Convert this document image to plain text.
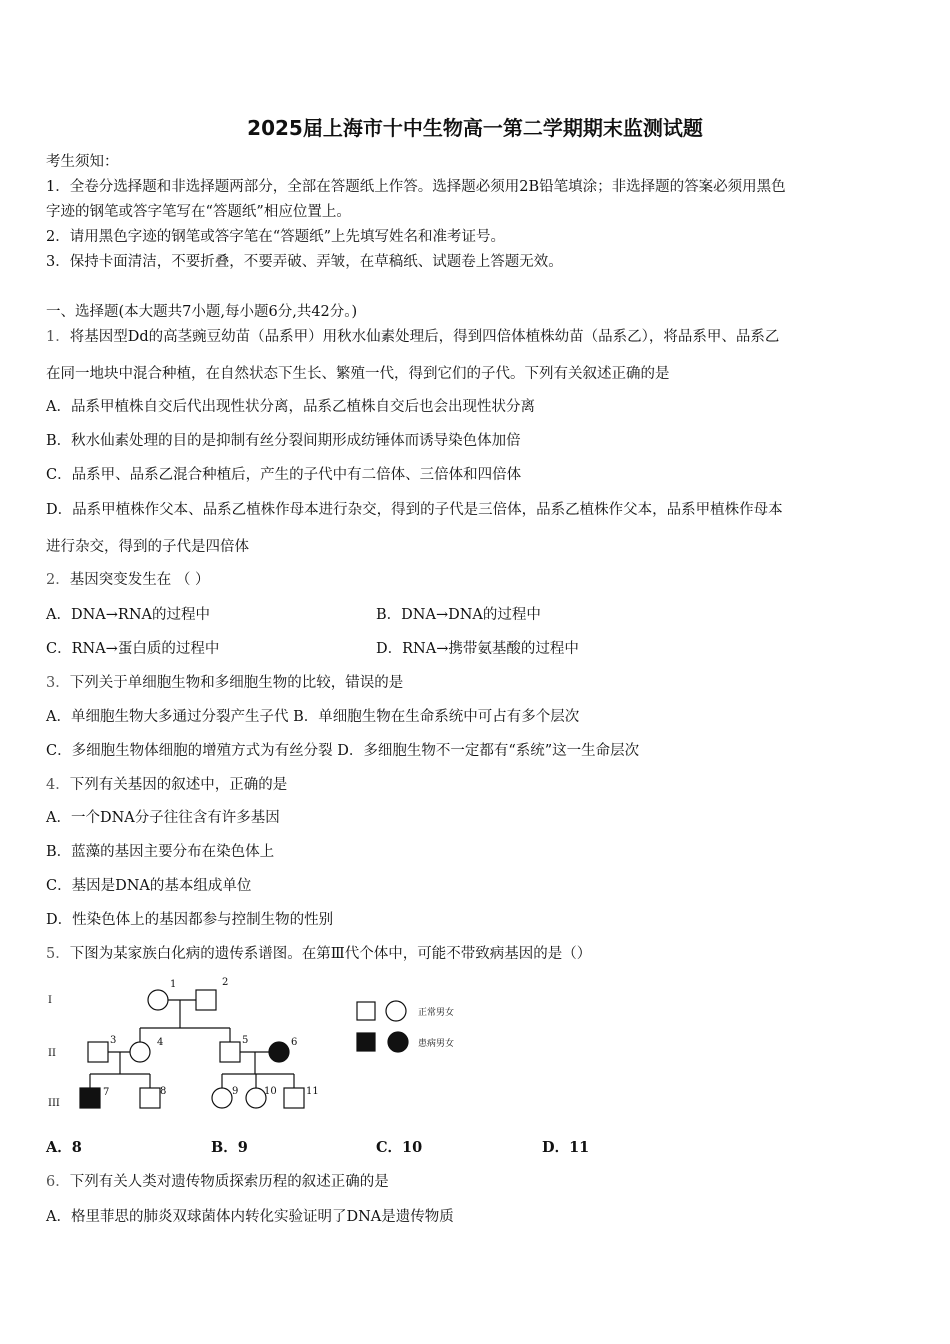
2025届上海市十中生物高一第二学期期末监测试题
考生须知：
1．全卷分选择题和非选择题两部分，全部在答题纸上作答。选择题必须用2B铅笔填涂；非选择题的答案必须用黑色
字迹的钢笔或答字笔写在“答题纸”相应位置上。
2．请用黑色字迹的钢笔或答字笔在“答题纸”上先填写姓名和准考证号。
3．保持卡面清洁，不要折叠，不要弄破、弄皱，在草稿纸、试题卷上答题无效。
一、选择题(本大题共7小题,每小题6分,共42分。)
1．将基因型Dd的高茎豌豆幼苗（品系甲）用秋水仙素处理后，得到四倍体植株幼苗（品系乙），将品系甲、品系乙
在同一地块中混合种植，在自然状态下生长、繁殖一代，得到它们的子代。下列有关叙述正确的是
A．品系甲植株自交后代出现性状分离，品系乙植株自交后也会出现性状分离
B．秋水仙素处理的目的是抑制有丝分裂间期形成纺锤体而诱导染色体加倍
C．品系甲、品系乙混合种植后，产生的子代中有二倍体、三倍体和四倍体
D．品系甲植株作父本、品系乙植株作母本进行杂交，得到的子代是三倍体，品系乙植株作父本，品系甲植株作母本
进行杂交，得到的子代是四倍体
2．基因突变发生在 （ ）
A．DNA→RNA的过程中	B．DNA→DNA的过程中
C．RNA→蛋白质的过程中	D．RNA→携带氨基酸的过程中
3．下列关于单细胞生物和多细胞生物的比较，错误的是
A．单细胞生物大多通过分裂产生子代 B．单细胞生物在生命系统中可占有多个层次
C．多细胞生物体细胞的增殖方式为有丝分裂 D．多细胞生物不一定都有“系统”这一生命层次
4．下列有关基因的叙述中，正确的是
A．一个DNA分子往往含有许多基因
B．蓝藻的基因主要分布在染色体上
C．基因是DNA的基本组成单位
D．性染色体上的基因都参与控制生物的性别
5．下图为某家族白化病的遗传系谱图。在第Ⅲ代个体中，可能不带致病基因的是（）
I
II
III
1	2
3	4	5	6
7	8	9	10	11
正常男女
患病男女
A．8	B．9	C．10	D．11
6．下列有关人类对遗传物质探索历程的叙述正确的是
A．格里菲思的肺炎双球菌体内转化实验证明了DNA是遗传物质
